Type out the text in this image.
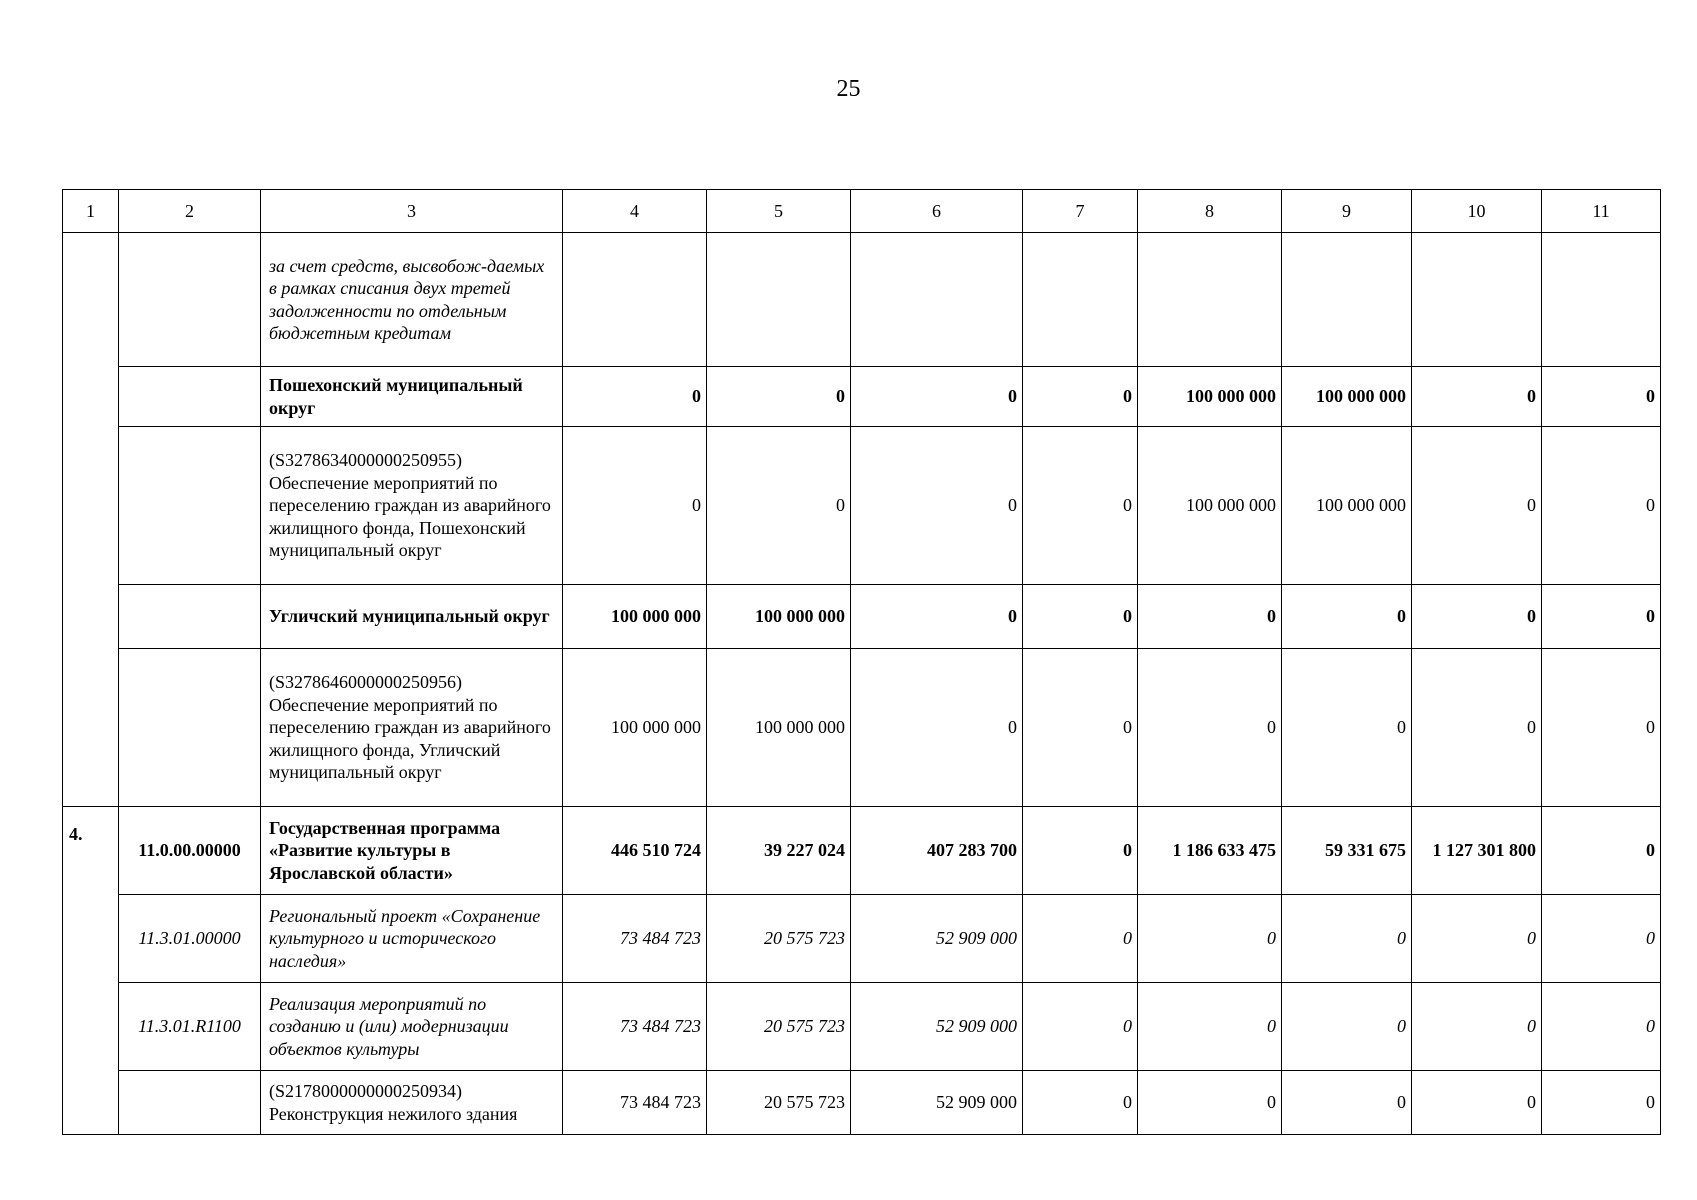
25
1	2	3	4	5	6	7	8	9	10	11
		за счет средств, высвобож-даемых в рамках списания двух третей задолженности по отдельным бюджетным кредитам								
		Пошехонский муниципальный округ	0	0	0	0	100 000 000	100 000 000	0	0
		(S3278634000000250955) Обеспечение мероприятий по переселению граждан из аварийного жилищного фонда, Пошехонский муниципальный округ	0	0	0	0	100 000 000	100 000 000	0	0
		Угличский муниципальный округ	100 000 000	100 000 000	0	0	0	0	0	0
		(S3278646000000250956) Обеспечение мероприятий по переселению граждан из аварийного жилищного фонда, Угличский муниципальный округ	100 000 000	100 000 000	0	0	0	0	0	0
4.	11.0.00.00000	Государственная программа «Развитие культуры в Ярославской области»	446 510 724	39 227 024	407 283 700	0	1 186 633 475	59 331 675	1 127 301 800	0
	11.3.01.00000	Региональный проект «Сохранение культурного и исторического наследия»	73 484 723	20 575 723	52 909 000	0	0	0	0	0
	11.3.01.R1100	Реализация мероприятий по созданию и (или) модернизации объектов культуры	73 484 723	20 575 723	52 909 000	0	0	0	0	0
		(S2178000000000250934) Реконструкция нежилого здания	73 484 723	20 575 723	52 909 000	0	0	0	0	0
